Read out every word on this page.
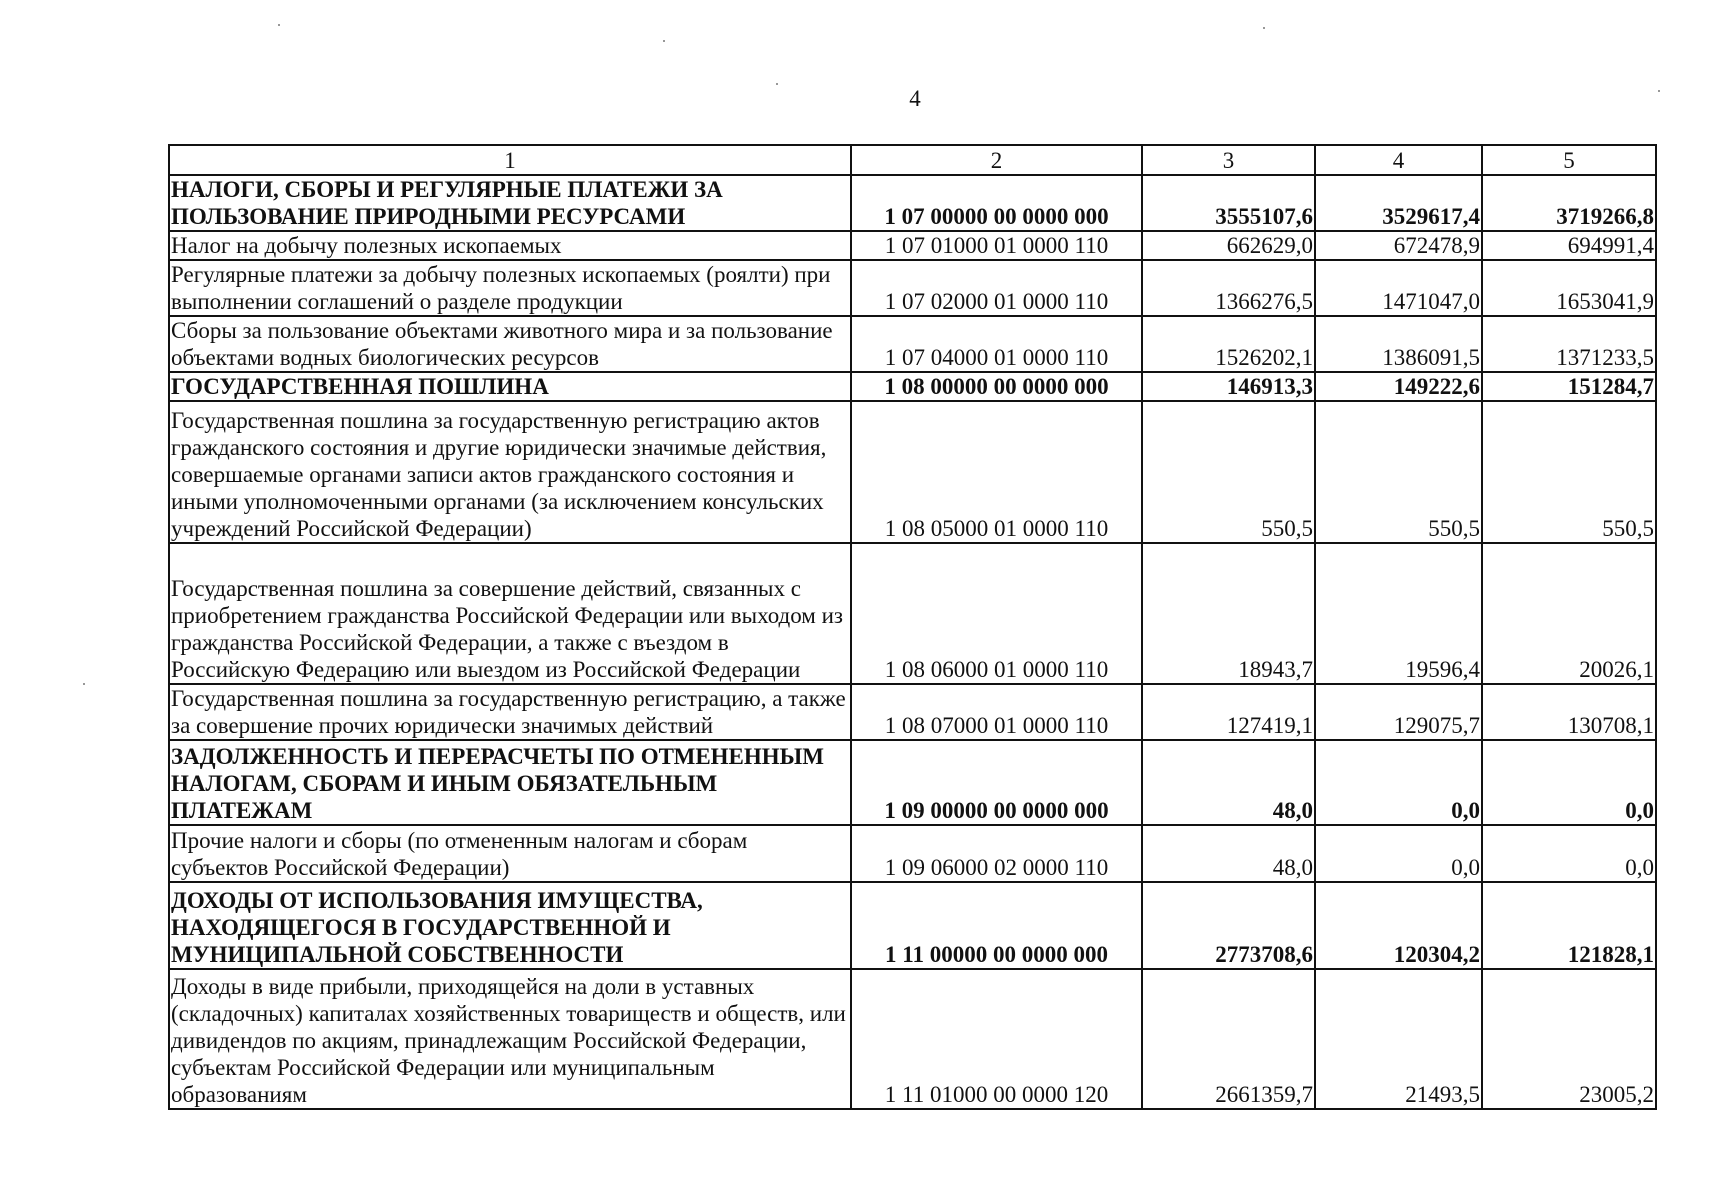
4
1	2	3	4	5
НАЛОГИ, СБОРЫ И РЕГУЛЯРНЫЕ ПЛАТЕЖИ ЗА ПОЛЬЗОВАНИЕ ПРИРОДНЫМИ РЕСУРСАМИ	1 07 00000 00 0000 000	3555107,6	3529617,4	3719266,8
Налог на добычу полезных ископаемых	1 07 01000 01 0000 110	662629,0	672478,9	694991,4
Регулярные платежи за добычу полезных ископаемых (роялти) при выполнении соглашений о разделе продукции	1 07 02000 01 0000 110	1366276,5	1471047,0	1653041,9
Сборы за пользование объектами животного мира и за пользование объектами водных биологических ресурсов	1 07 04000 01 0000 110	1526202,1	1386091,5	1371233,5
ГОСУДАРСТВЕННАЯ ПОШЛИНА	1 08 00000 00 0000 000	146913,3	149222,6	151284,7
Государственная пошлина за государственную регистрацию актов гражданского состояния и другие юридически значимые действия, совершаемые органами записи актов гражданского состояния и иными уполномоченными органами (за исключением консульских учреждений Российской Федерации)	1 08 05000 01 0000 110	550,5	550,5	550,5
Государственная пошлина за совершение действий, связанных с приобретением гражданства Российской Федерации или выходом из гражданства Российской Федерации, а также с въездом в Российскую Федерацию или выездом из Российской Федерации	1 08 06000 01 0000 110	18943,7	19596,4	20026,1
Государственная пошлина за государственную регистрацию, а также за совершение прочих юридически значимых действий	1 08 07000 01 0000 110	127419,1	129075,7	130708,1
ЗАДОЛЖЕННОСТЬ И ПЕРЕРАСЧЕТЫ ПО ОТМЕНЕННЫМ НАЛОГАМ, СБОРАМ И ИНЫМ ОБЯЗАТЕЛЬНЫМ ПЛАТЕЖАМ	1 09 00000 00 0000 000	48,0	0,0	0,0
Прочие налоги и сборы (по отмененным налогам и сборам субъектов Российской Федерации)	1 09 06000 02 0000 110	48,0	0,0	0,0
ДОХОДЫ ОТ ИСПОЛЬЗОВАНИЯ ИМУЩЕСТВА, НАХОДЯЩЕГОСЯ В ГОСУДАРСТВЕННОЙ И МУНИЦИПАЛЬНОЙ СОБСТВЕННОСТИ	1 11 00000 00 0000 000	2773708,6	120304,2	121828,1
Доходы в виде прибыли, приходящейся на доли в уставных (складочных) капиталах хозяйственных товариществ и обществ, или дивидендов по акциям, принадлежащим Российской Федерации, субъектам Российской Федерации или муниципальным образованиям	1 11 01000 00 0000 120	2661359,7	21493,5	23005,2
